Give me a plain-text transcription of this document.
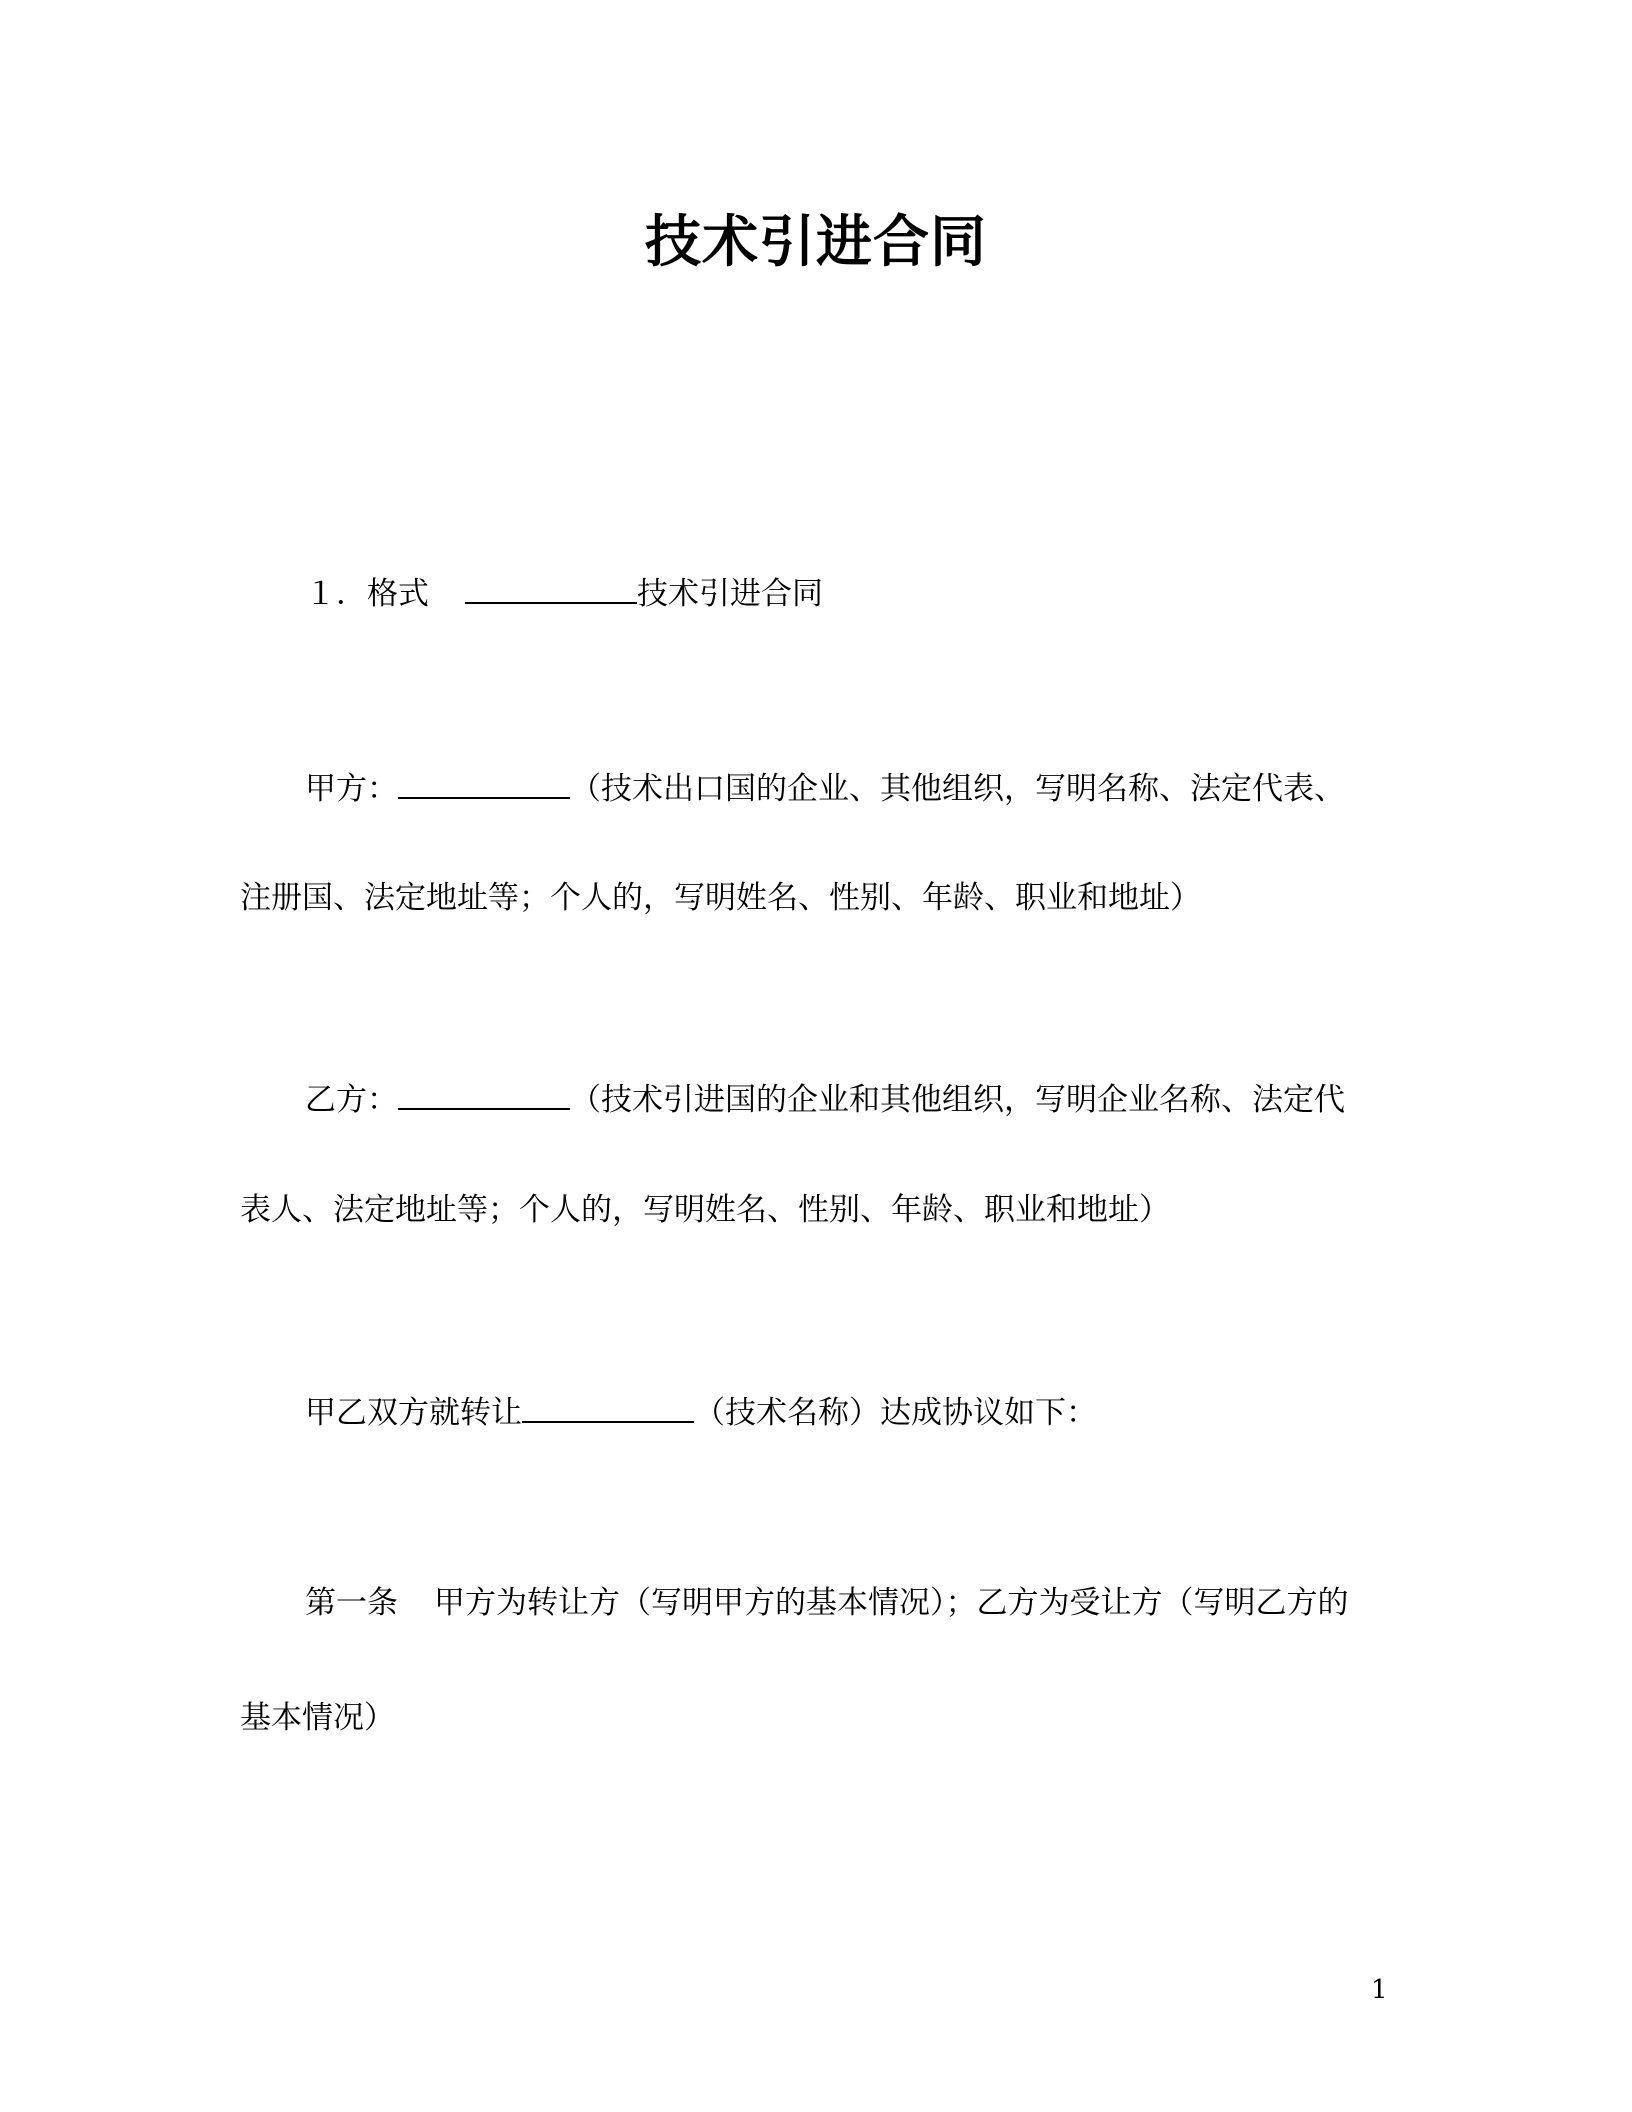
技术引进合同
１．格式	技术引进合同
甲方：	（技术出口国的企业、其他组织，写明名称、法定代表、
注册国、法定地址等；个人的，写明姓名、性别、年龄、职业和地址）
乙方：	（技术引进国的企业和其他组织，写明企业名称、法定代
表人、法定地址等；个人的，写明姓名、性别、年龄、职业和地址）
甲乙双方就转让	（技术名称）达成协议如下：
第一条 甲方为转让方（写明甲方的基本情况）；乙方为受让方（写明乙方的
基本情况）
1
